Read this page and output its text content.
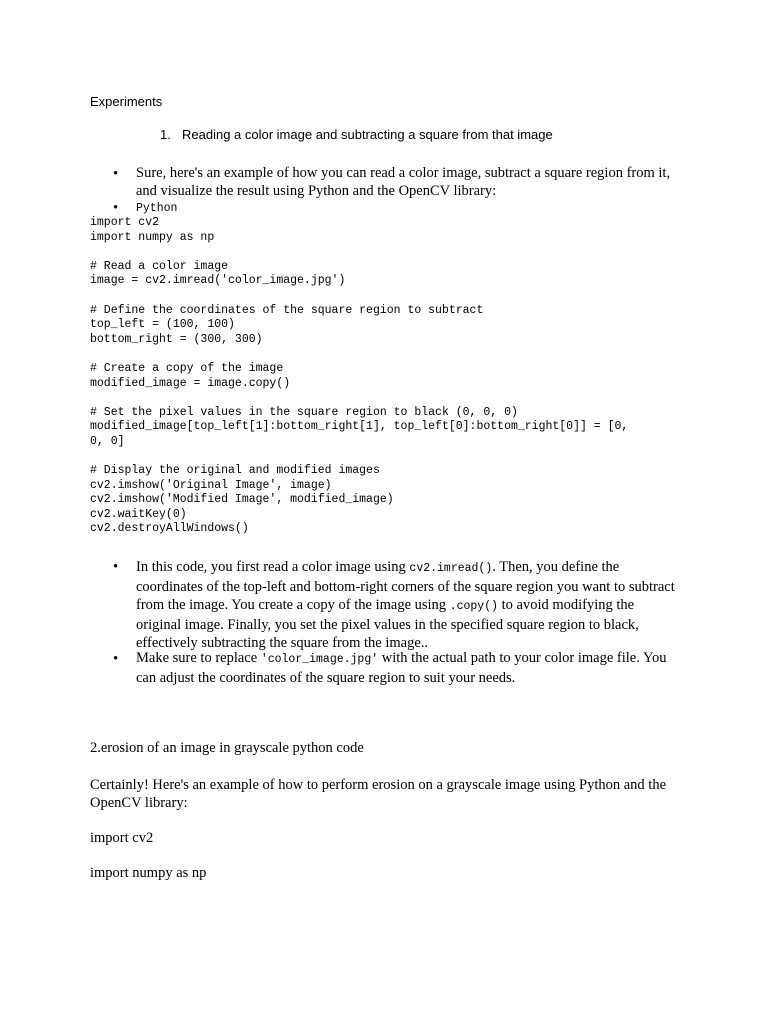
Experiments
1. Reading a color image and subtracting a square from that image
• Sure, here's an example of how you can read a color image, subtract a square region from it, and visualize the result using Python and the OpenCV library:
• Python
import cv2
import numpy as np

# Read a color image
image = cv2.imread('color_image.jpg')

# Define the coordinates of the square region to subtract
top_left = (100, 100)
bottom_right = (300, 300)

# Create a copy of the image
modified_image = image.copy()

# Set the pixel values in the square region to black (0, 0, 0)
modified_image[top_left[1]:bottom_right[1], top_left[0]:bottom_right[0]] = [0,
0, 0]

# Display the original and modified images
cv2.imshow('Original Image', image)
cv2.imshow('Modified Image', modified_image)
cv2.waitKey(0)
cv2.destroyAllWindows()
• In this code, you first read a color image using cv2.imread(). Then, you define the coordinates of the top-left and bottom-right corners of the square region you want to subtract from the image. You create a copy of the image using .copy() to avoid modifying the original image. Finally, you set the pixel values in the specified square region to black, effectively subtracting the square from the image..
• Make sure to replace 'color_image.jpg' with the actual path to your color image file. You can adjust the coordinates of the square region to suit your needs.
2.erosion of an image in grayscale python code
Certainly! Here's an example of how to perform erosion on a grayscale image using Python and the OpenCV library:
import cv2
import numpy as np
